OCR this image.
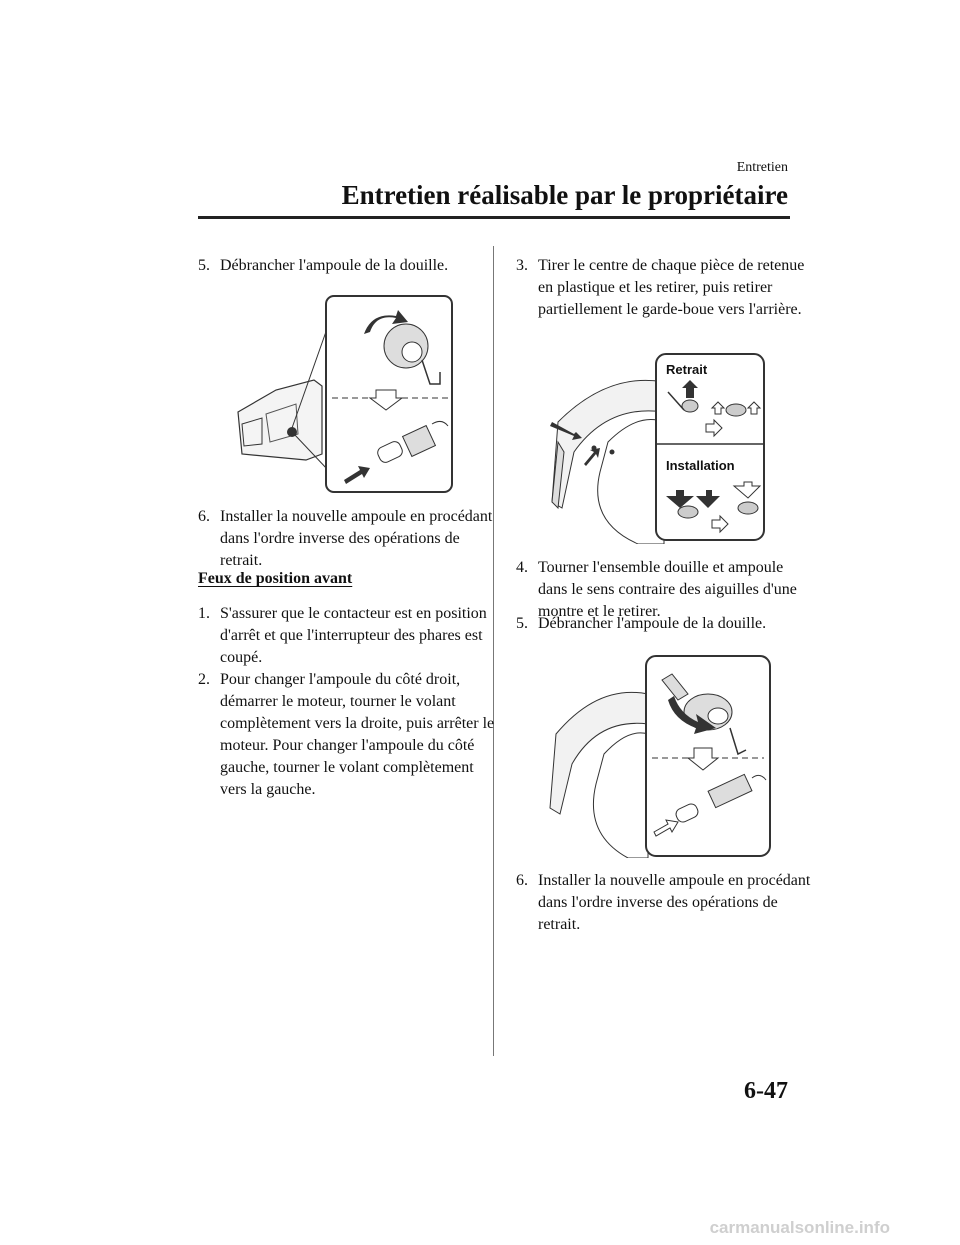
Entretien
Entretien réalisable par le propriétaire
5. Débrancher l'ampoule de la douille.
6. Installer la nouvelle ampoule en procédant dans l'ordre inverse des opérations de retrait.
Feux de position avant
1. S'assurer que le contacteur est en position d'arrêt et que l'interrupteur des phares est coupé.
2. Pour changer l'ampoule du côté droit, démarrer le moteur, tourner le volant complètement vers la droite, puis arrêter le moteur. Pour changer l'ampoule du côté gauche, tourner le volant complètement vers la gauche.
3. Tirer le centre de chaque pièce de retenue en plastique et les retirer, puis retirer partiellement le garde-boue vers l'arrière.
Retrait
Installation
4. Tourner l'ensemble douille et ampoule dans le sens contraire des aiguilles d'une montre et le retirer.
5. Débrancher l'ampoule de la douille.
6. Installer la nouvelle ampoule en procédant dans l'ordre inverse des opérations de retrait.
6-47
carmanualsonline.info
